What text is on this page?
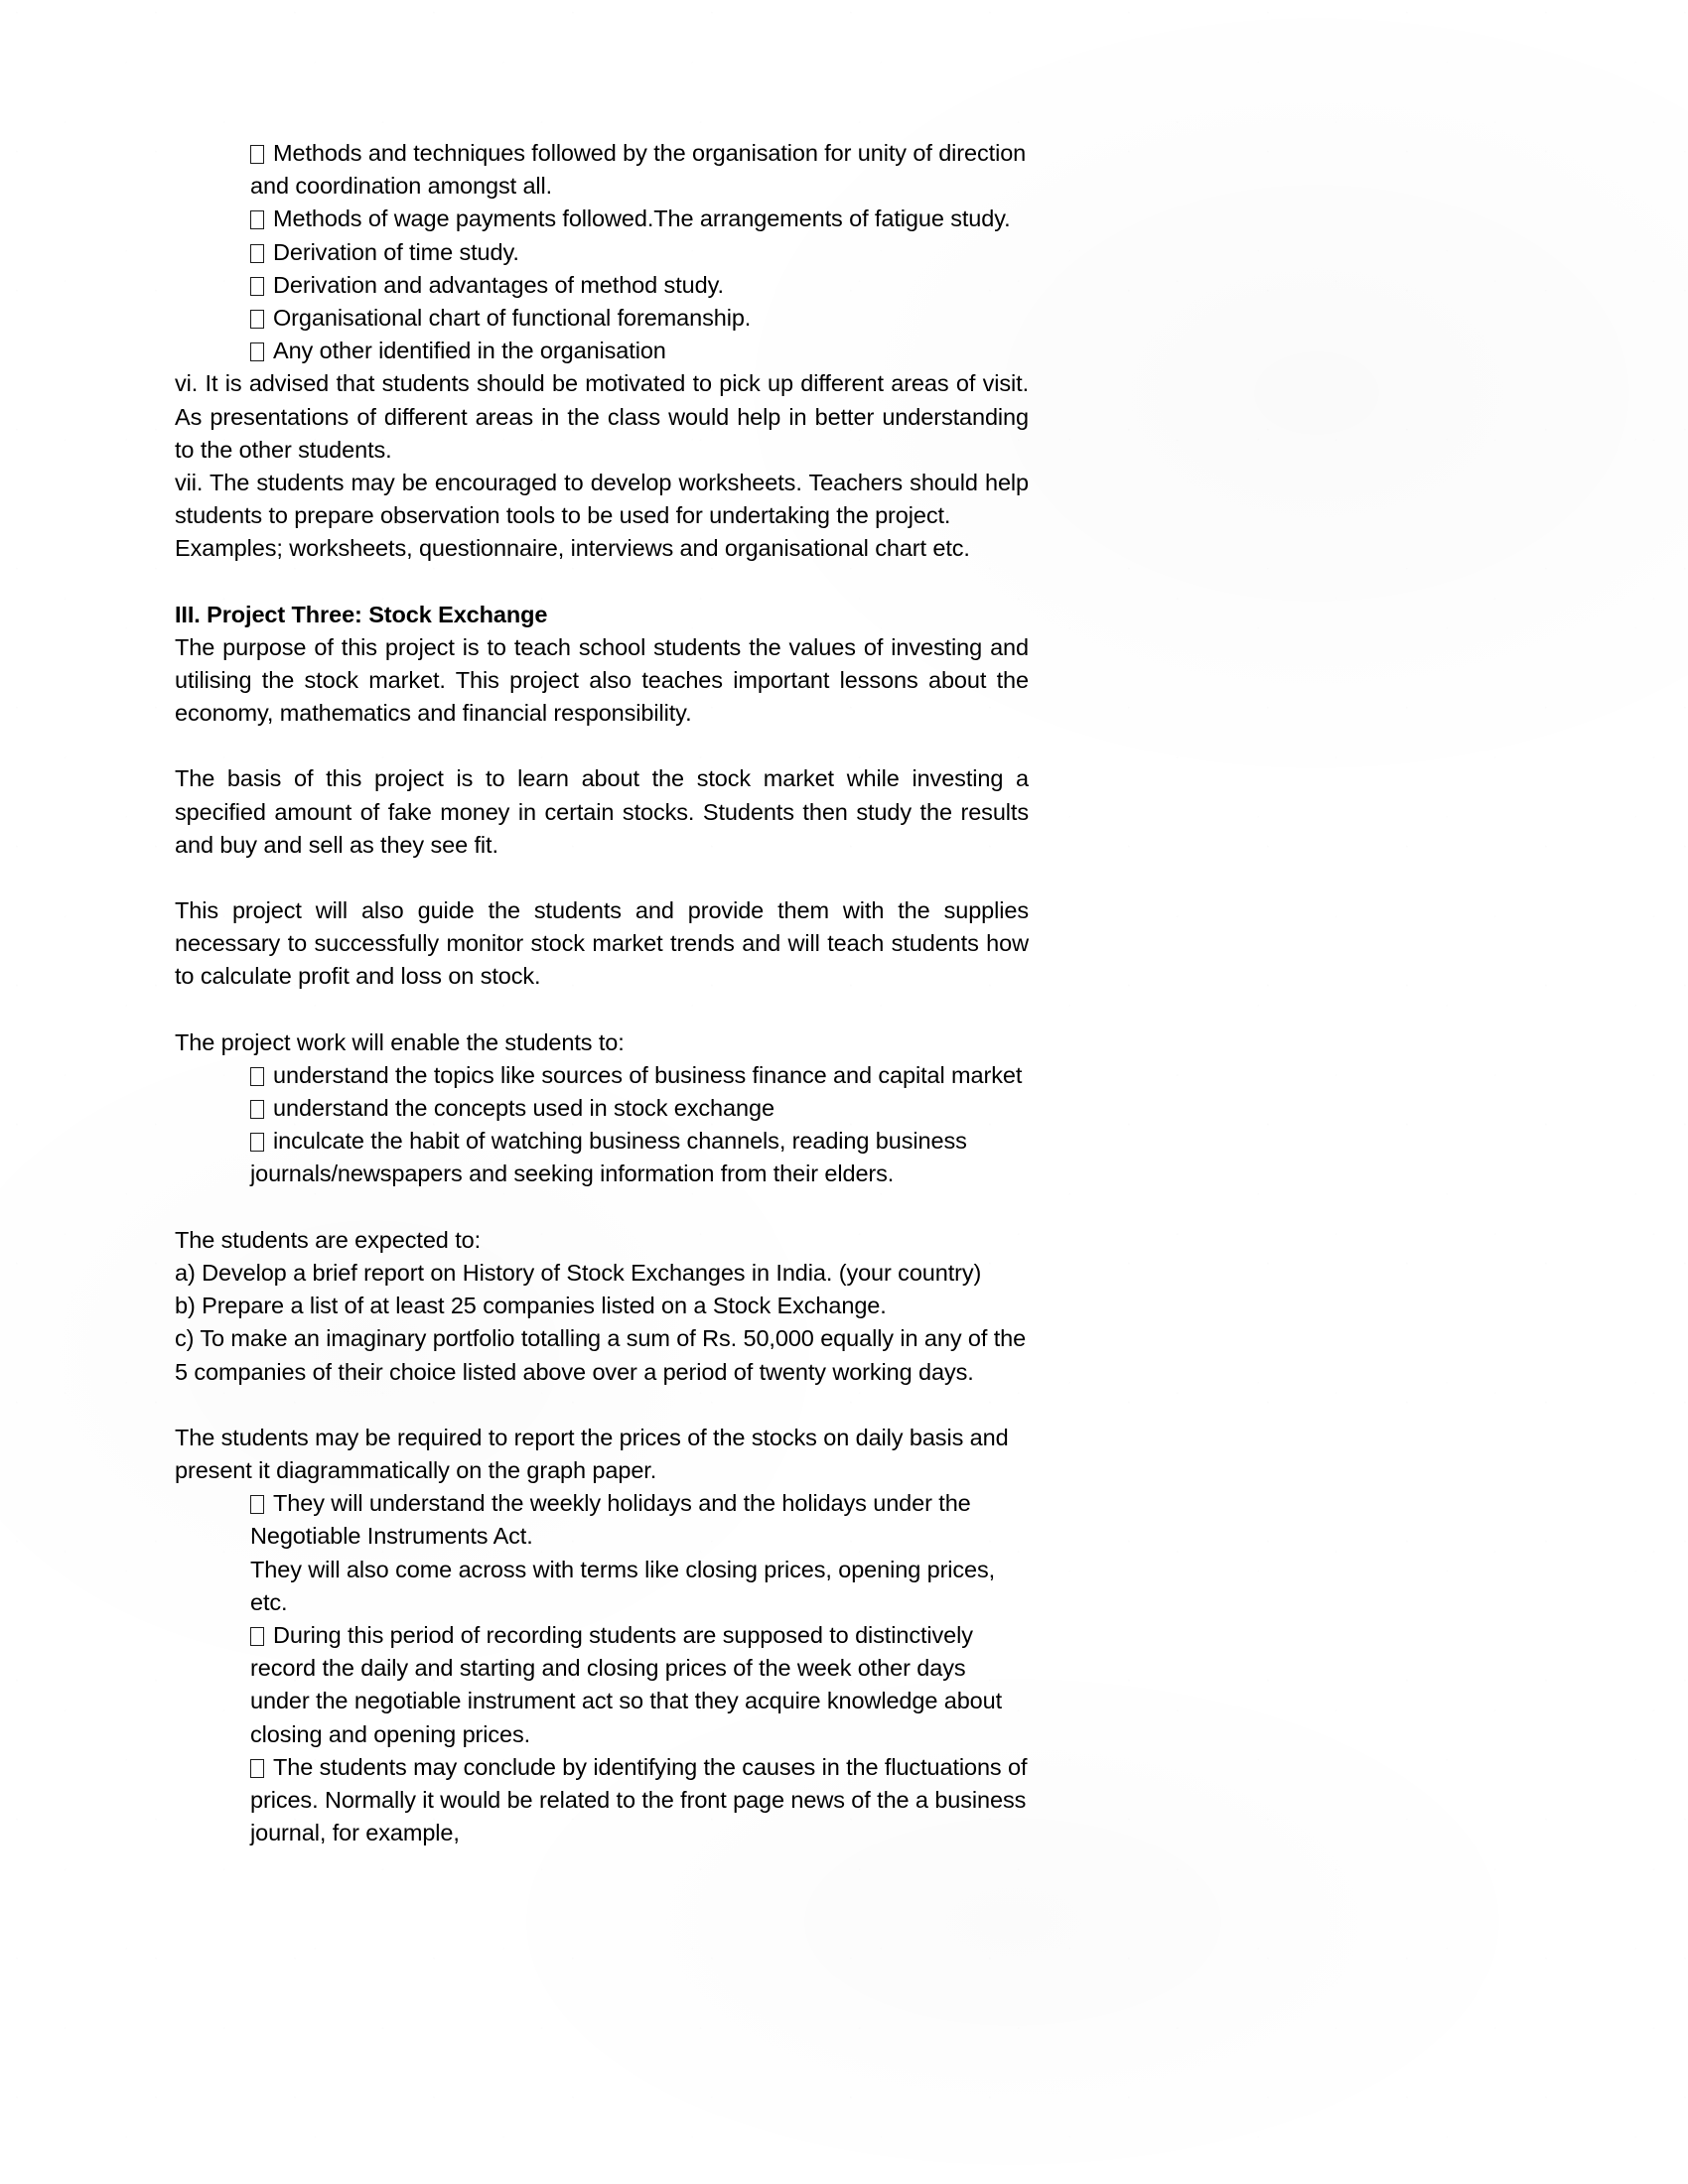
Methods and techniques followed by the organisation for unity of direction and coordination amongst all.

Methods of wage payments followed.The arrangements of fatigue study.

Derivation of time study.

Derivation and advantages of method study.

Organisational chart of functional foremanship.

Any other identified in the organisation

vi. It is advised that students should be motivated to pick up different areas of visit. As presentations of different areas in the class would help in better understanding to the other students.

vii. The students may be encouraged to develop worksheets. Teachers should help students to prepare observation tools to be used for undertaking the project.

Examples; worksheets, questionnaire, interviews and organisational chart etc.

III. Project Three: Stock Exchange

The purpose of this project is to teach school students the values of investing and utilising the stock market. This project also teaches important lessons about the economy, mathematics and financial responsibility.

The basis of this project is to learn about the stock market while investing a specified amount of fake money in certain stocks. Students then study the results and buy and sell as they see fit.

This project will also guide the students and provide them with the supplies necessary to successfully monitor stock market trends and will teach students how to calculate profit and loss on stock.

The project work will enable the students to:

understand the topics like sources of business finance and capital market

understand the concepts used in stock exchange

inculcate the habit of watching business channels, reading business journals/newspapers and seeking information from their elders.

The students are expected to:

a) Develop a brief report on History of Stock Exchanges in India. (your country)

b) Prepare a list of at least 25 companies listed on a Stock Exchange.

c) To make an imaginary portfolio totalling a sum of Rs. 50,000 equally in any of the 5 companies of their choice listed above over a period of twenty working days.

The students may be required to report the prices of the stocks on daily basis and present it diagrammatically on the graph paper.

They will understand the weekly holidays and the holidays under the Negotiable Instruments Act.

They will also come across with terms like closing prices, opening prices, etc.

During this period of recording students are supposed to distinctively record the daily and starting and closing prices of the week other days under the negotiable instrument act so that they acquire knowledge about closing and opening prices.

The students may conclude by identifying the causes in the fluctuations of prices. Normally it would be related to the front page news of the a business journal, for example,
